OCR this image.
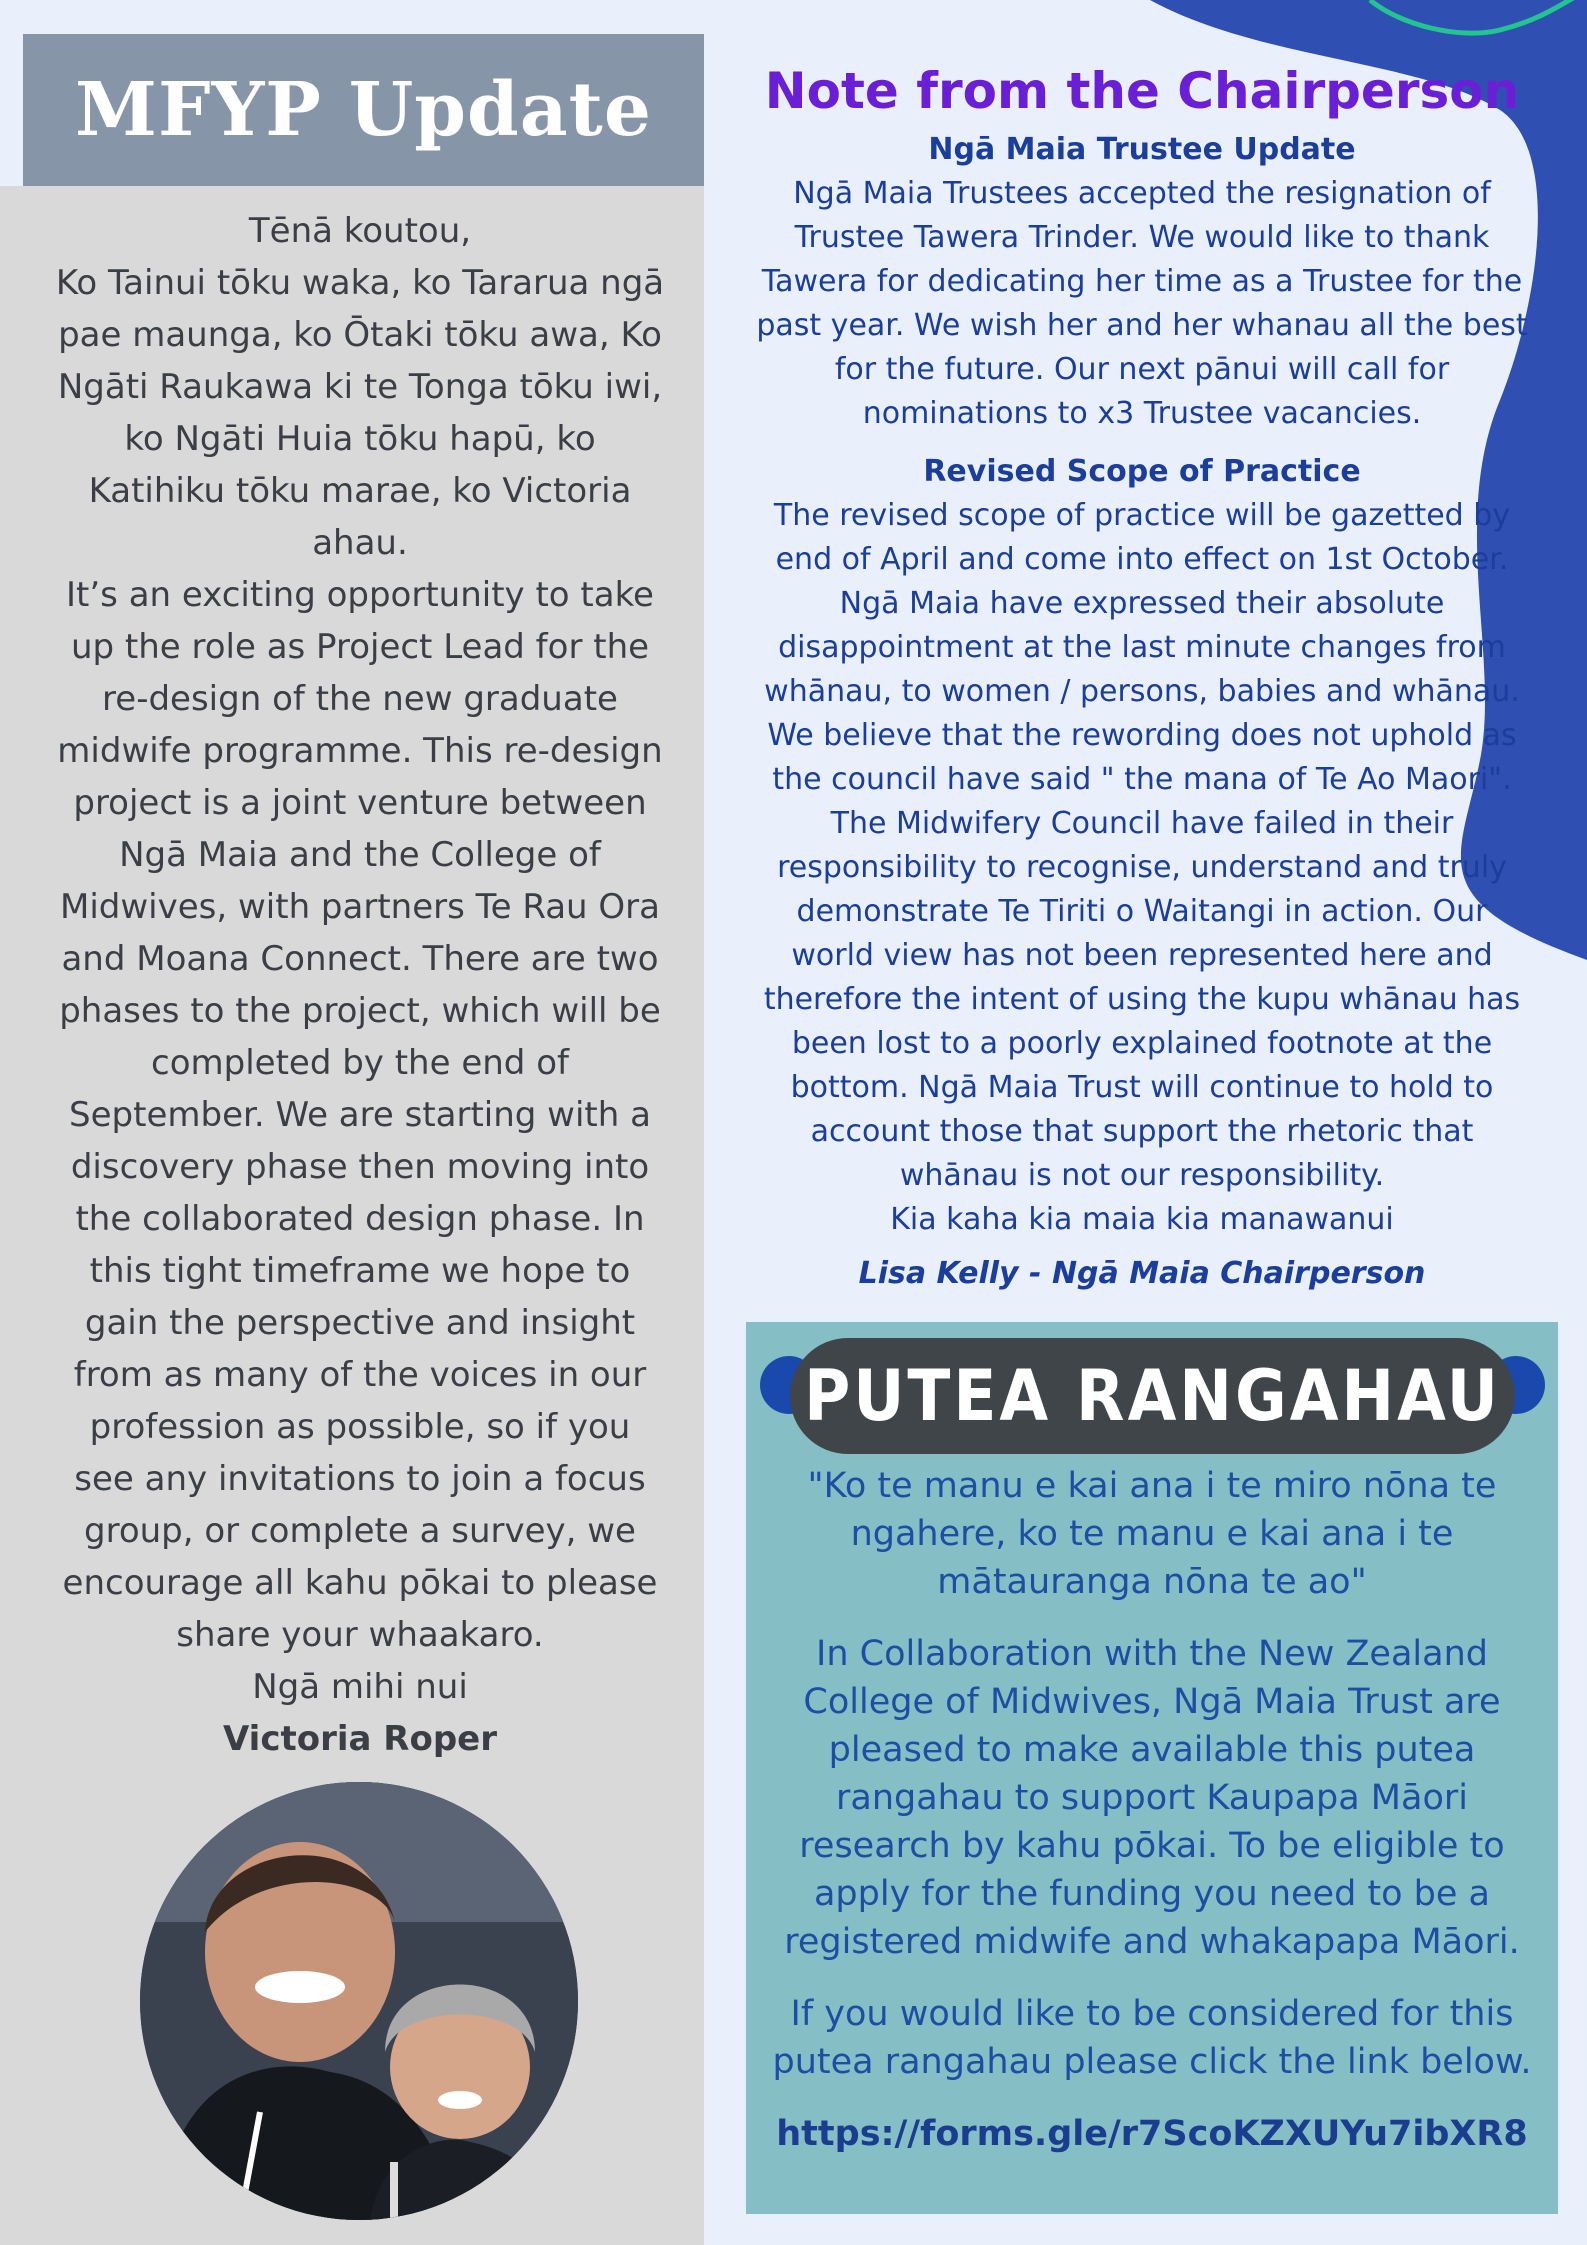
MFYP Update

Tēnā koutou,

Ko Tainui tōku waka, ko Tararua ngā pae maunga, ko Ōtaki tōku awa, Ko Ngāti Raukawa ki te Tonga tōku iwi, ko Ngāti Huia tōku hapū, ko Katihiku tōku marae, ko Victoria ahau.

It’s an exciting opportunity to take up the role as Project Lead for the re-design of the new graduate midwife programme. This re-design project is a joint venture between Ngā Maia and the College of Midwives, with partners Te Rau Ora and Moana Connect. There are two phases to the project, which will be completed by the end of September. We are starting with a discovery phase then moving into the collaborated design phase. In this tight timeframe we hope to gain the perspective and insight from as many of the voices in our profession as possible, so if you see any invitations to join a focus group, or complete a survey, we encourage all kahu pōkai to please share your whaakaro.

Ngā mihi nui

Victoria Roper

Note from the Chairperson

Ngā Maia Trustee Update

Ngā Maia Trustees accepted the resignation of Trustee Tawera Trinder. We would like to thank Tawera for dedicating her time as a Trustee for the past year. We wish her and her whanau all the best for the future. Our next pānui will call for nominations to x3 Trustee vacancies.

Revised Scope of Practice

The revised scope of practice will be gazetted by end of April and come into effect on 1st October. Ngā Maia have expressed their absolute disappointment at the last minute changes from whānau, to women / persons, babies and whānau. We believe that the rewording does not uphold as the council have said " the mana of Te Ao Maori". The Midwifery Council have failed in their responsibility to recognise, understand and truly demonstrate Te Tiriti o Waitangi in action. Our world view has not been represented here and therefore the intent of using the kupu whānau has been lost to a poorly explained footnote at the bottom. Ngā Maia Trust will continue to hold to account those that support the rhetoric that whānau is not our responsibility.

Kia kaha kia maia kia manawanui

Lisa Kelly - Ngā Maia Chairperson

PUTEA RANGAHAU

"Ko te manu e kai ana i te miro nōna te ngahere, ko te manu e kai ana i te mātauranga nōna te ao"

In Collaboration with the New Zealand College of Midwives, Ngā Maia Trust are pleased to make available this putea rangahau to support Kaupapa Māori research by kahu pōkai. To be eligible to apply for the funding you need to be a registered midwife and whakapapa Māori.

If you would like to be considered for this putea rangahau please click the link below.

https://forms.gle/r7ScoKZXUYu7ibXR8
